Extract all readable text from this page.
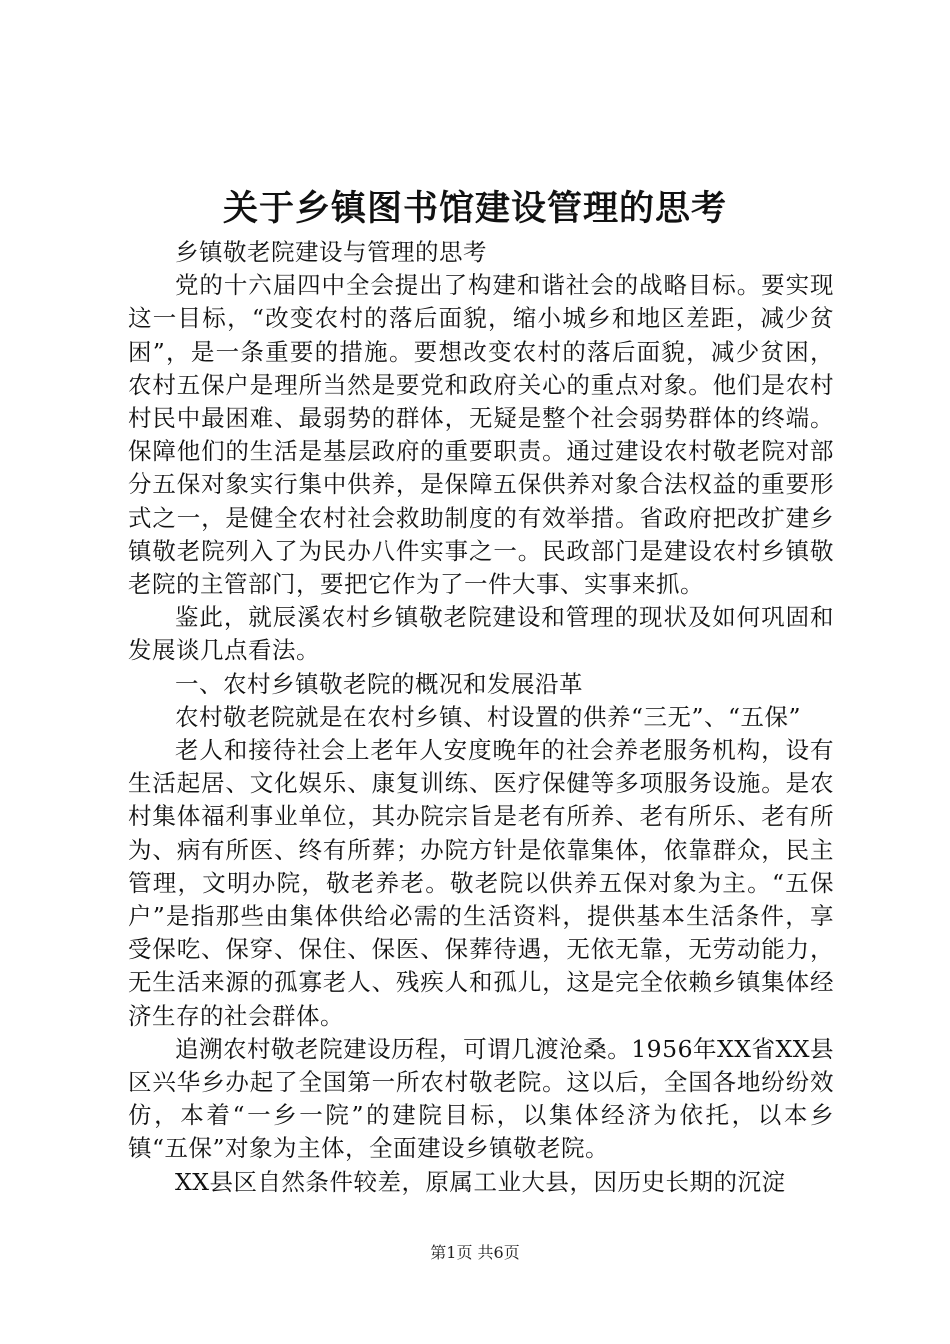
关于乡镇图书馆建设管理的思考

乡镇敬老院建设与管理的思考

党的十六届四中全会提出了构建和谐社会的战略目标。要实现这一目标，“改变农村的落后面貌，缩小城乡和地区差距，减少贫困”，是一条重要的措施。要想改变农村的落后面貌，减少贫困，农村五保户是理所当然是要党和政府关心的重点对象。他们是农村村民中最困难、最弱势的群体，无疑是整个社会弱势群体的终端。保障他们的生活是基层政府的重要职责。通过建设农村敬老院对部分五保对象实行集中供养，是保障五保供养对象合法权益的重要形式之一，是健全农村社会救助制度的有效举措。省政府把改扩建乡镇敬老院列入了为民办八件实事之一。民政部门是建设农村乡镇敬老院的主管部门，要把它作为了一件大事、实事来抓。

鉴此，就辰溪农村乡镇敬老院建设和管理的现状及如何巩固和发展谈几点看法。

一、农村乡镇敬老院的概况和发展沿革

农村敬老院就是在农村乡镇、村设置的供养“三无”、“五保”

老人和接待社会上老年人安度晚年的社会养老服务机构，设有生活起居、文化娱乐、康复训练、医疗保健等多项服务设施。是农村集体福利事业单位，其办院宗旨是老有所养、老有所乐、老有所为、病有所医、终有所葬；办院方针是依靠集体，依靠群众，民主管理，文明办院，敬老养老。敬老院以供养五保对象为主。“五保户”是指那些由集体供给必需的生活资料，提供基本生活条件，享受保吃、保穿、保住、保医、保葬待遇，无依无靠，无劳动能力，无生活来源的孤寡老人、残疾人和孤儿，这是完全依赖乡镇集体经济生存的社会群体。

追溯农村敬老院建设历程，可谓几渡沧桑。1956年XX省XX县区兴华乡办起了全国第一所农村敬老院。这以后，全国各地纷纷效仿，本着“一乡一院”的建院目标，以集体经济为依托，以本乡镇“五保”对象为主体，全面建设乡镇敬老院。

XX县区自然条件较差，原属工业大县，因历史长期的沉淀

第1页 共6页
